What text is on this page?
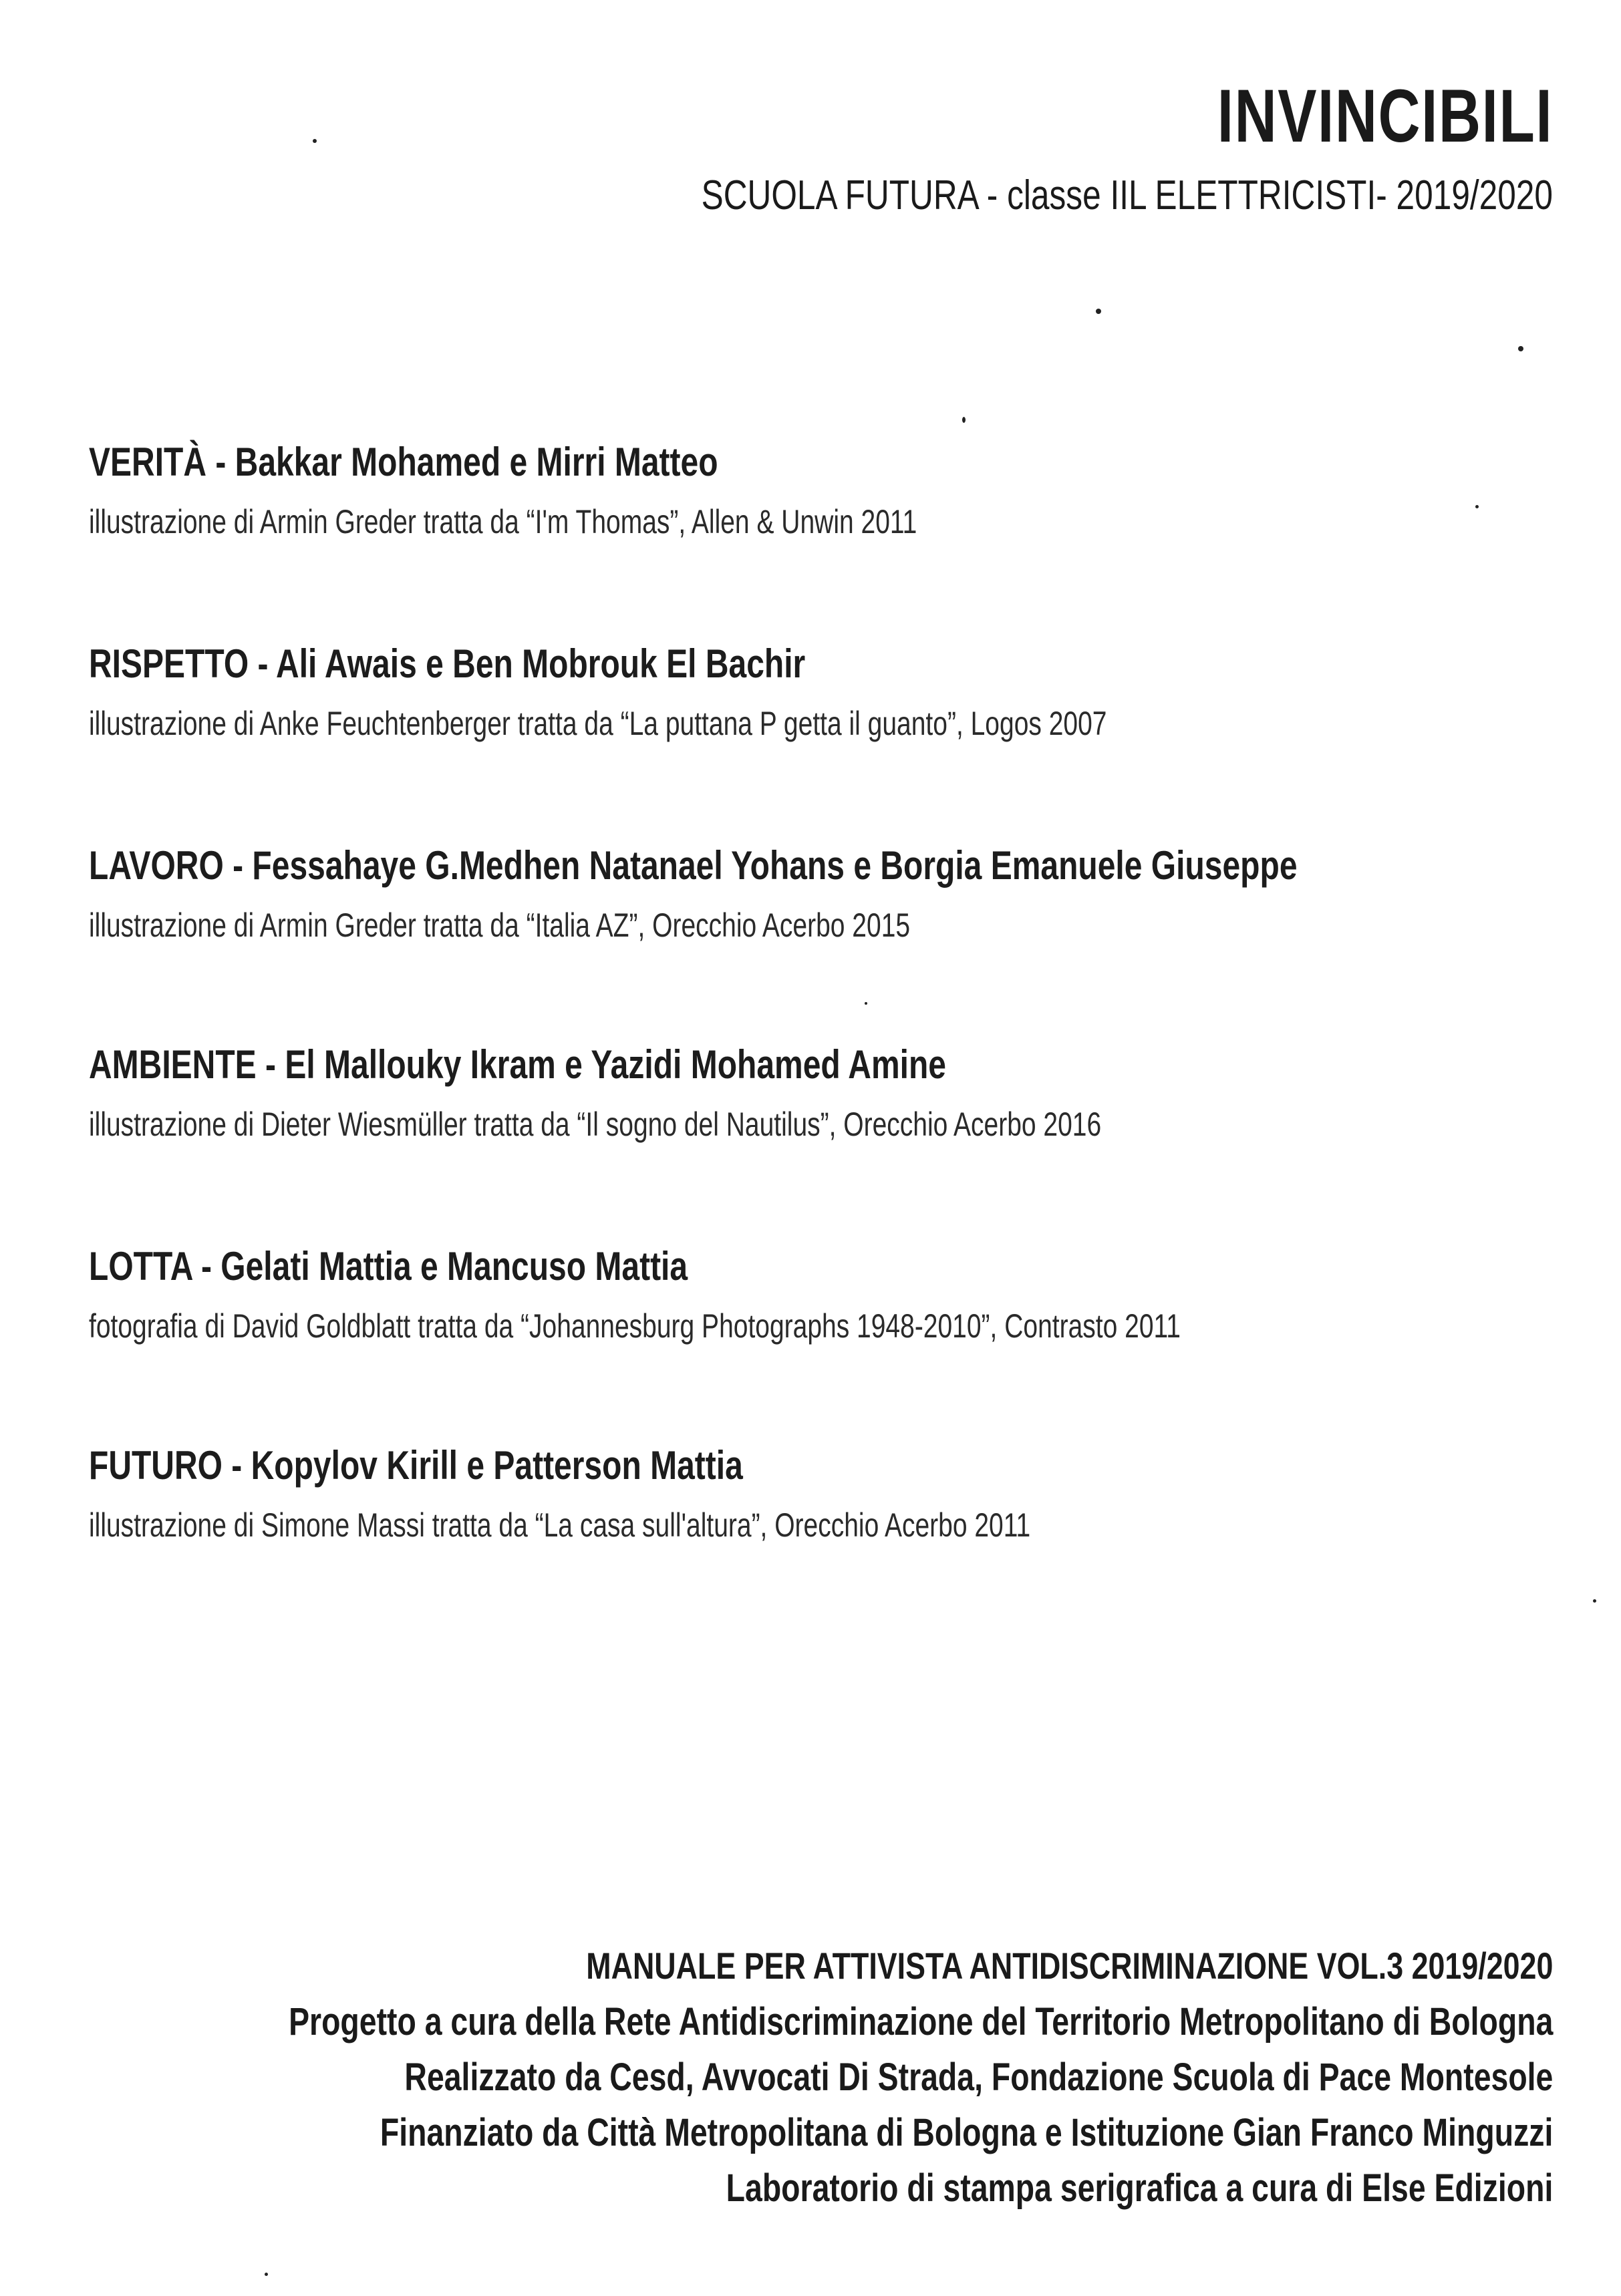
INVINCIBILI
SCUOLA FUTURA - classe IIL ELETTRICISTI- 2019/2020
VERITÀ - Bakkar Mohamed e Mirri Matteo
illustrazione di Armin Greder tratta da “I'm Thomas”, Allen & Unwin 2011
RISPETTO - Ali Awais e Ben Mobrouk El Bachir
illustrazione di Anke Feuchtenberger tratta da “La puttana P getta il guanto”, Logos 2007
LAVORO - Fessahaye G.Medhen Natanael Yohans e Borgia Emanuele Giuseppe
illustrazione di Armin Greder tratta da “Italia AZ”, Orecchio Acerbo 2015
AMBIENTE - El Mallouky Ikram e Yazidi Mohamed Amine
illustrazione di Dieter Wiesmüller tratta da “Il sogno del Nautilus”, Orecchio Acerbo 2016
LOTTA - Gelati Mattia e Mancuso Mattia
fotografia di David Goldblatt tratta da “Johannesburg Photographs 1948-2010”, Contrasto 2011
FUTURO - Kopylov Kirill e Patterson Mattia
illustrazione di Simone Massi tratta da “La casa sull'altura”, Orecchio Acerbo 2011
MANUALE PER ATTIVISTA ANTIDISCRIMINAZIONE VOL.3 2019/2020
Progetto a cura della Rete Antidiscriminazione del Territorio Metropolitano di Bologna
Realizzato da Cesd, Avvocati Di Strada, Fondazione Scuola di Pace Montesole
Finanziato da Città Metropolitana di Bologna e Istituzione Gian Franco Minguzzi
Laboratorio di stampa serigrafica a cura di Else Edizioni
